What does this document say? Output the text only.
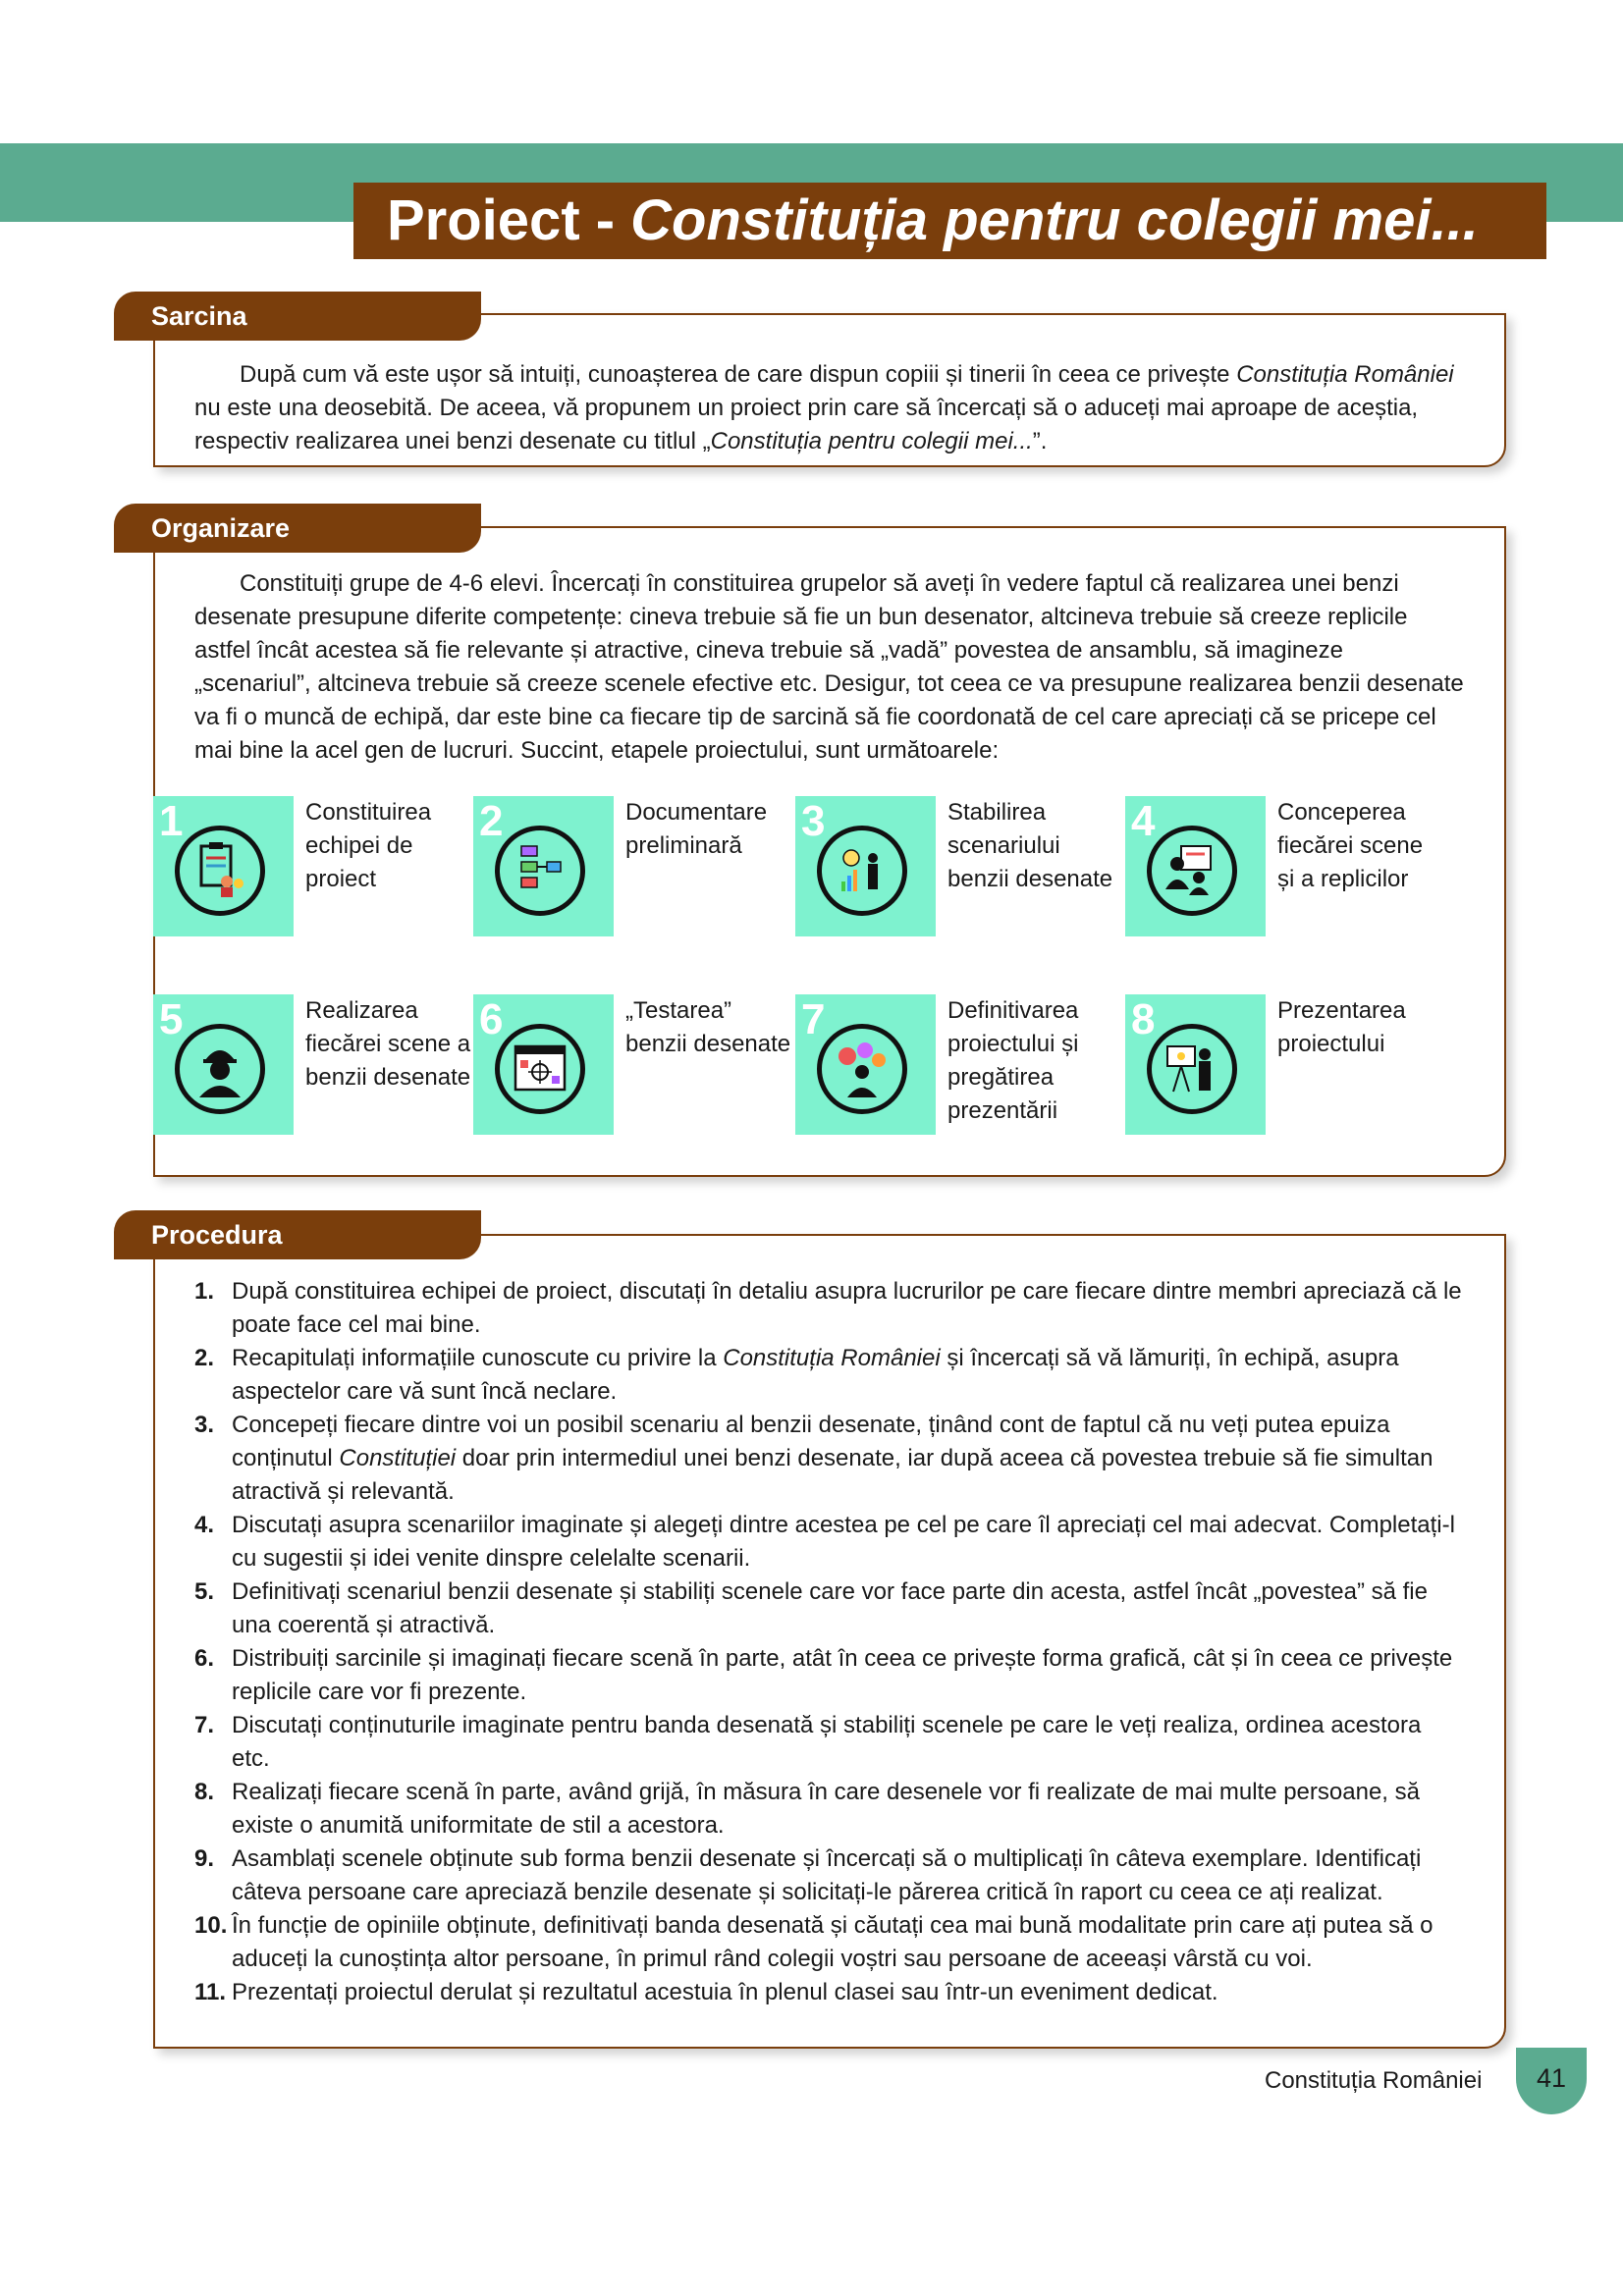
Proiect - Constituția pentru colegii mei...

După cum vă este ușor să intuiți, cunoașterea de care dispun copiii și tinerii în ceea ce privește Constituția României nu este una deosebită. De aceea, vă propunem un proiect prin care să încercați să o aduceți mai aproape de aceștia, respectiv realizarea unei benzi desenate cu titlul „Constituția pentru colegii mei...”.

Sarcina

Constituiți grupe de 4-6 elevi. Încercați în constituirea grupelor să aveți în vedere faptul că realizarea unei benzi desenate presupune diferite competențe: cineva trebuie să fie un bun desenator, altcineva trebuie să creeze replicile astfel încât acestea să fie relevante și atractive, cineva trebuie să „vadă” povestea de ansamblu, să imagineze „scenariul”, altcineva trebuie să creeze scenele efective etc. Desigur, tot ceea ce va presupune realizarea benzii desenate va fi o muncă de echipă, dar este bine ca fiecare tip de sarcină să fie coordonată de cel care apreciați că se pricepe cel mai bine la acel gen de lucruri. Succint, etapele proiectului, sunt următoarele:

1	Constituirea echipei de proiect
2	Documentare preliminară
3	Stabilirea scenariului benzii desenate
4	Conceperea fiecărei scene și a replicilor
5	Realizarea fiecărei scene a benzii desenate
6	„Testarea” benzii desenate
7	Definitivarea proiectului și pregătirea prezentării
8	Prezentarea proiectului
Organizare
1. După constituirea echipei de proiect, discutați în detaliu asupra lucrurilor pe care fiecare dintre membri apreciază că le poate face cel mai bine.
2. Recapitulați informațiile cunoscute cu privire la Constituția României și încercați să vă lămuriți, în echipă, asupra aspectelor care vă sunt încă neclare.
3. Concepeți fiecare dintre voi un posibil scenariu al benzii desenate, ținând cont de faptul că nu veți putea epuiza conținutul Constituției doar prin intermediul unei benzi desenate, iar după aceea că povestea trebuie să fie simultan atractivă și relevantă.
4. Discutați asupra scenariilor imaginate și alegeți dintre acestea pe cel pe care îl apreciați cel mai adecvat. Completați-l cu sugestii și idei venite dinspre celelalte scenarii.
5. Definitivați scenariul benzii desenate și stabiliți scenele care vor face parte din acesta, astfel încât „povestea” să fie una coerentă și atractivă.
6. Distribuiți sarcinile și imaginați fiecare scenă în parte, atât în ceea ce privește forma grafică, cât și în ceea ce privește replicile care vor fi prezente.
7. Discutați conținuturile imaginate pentru banda desenată și stabiliți scenele pe care le veți realiza, ordinea acestora etc.
8. Realizați fiecare scenă în parte, având grijă, în măsura în care desenele vor fi realizate de mai multe persoane, să existe o anumită uniformitate de stil a acestora.
9. Asamblați scenele obținute sub forma benzii desenate și încercați să o multiplicați în câteva exemplare. Identificați câteva persoane care apreciază benzile desenate și solicitați-le părerea critică în raport cu ceea ce ați realizat.
10. În funcție de opiniile obținute, definitivați banda desenată și căutați cea mai bună modalitate prin care ați putea să o aduceți la cunoștința altor persoane, în primul rând colegii voștri sau persoane de aceeași vârstă cu voi.
11. Prezentați proiectul derulat și rezultatul acestuia în plenul clasei sau într-un eveniment dedicat.
Procedura
Constituția României	41
